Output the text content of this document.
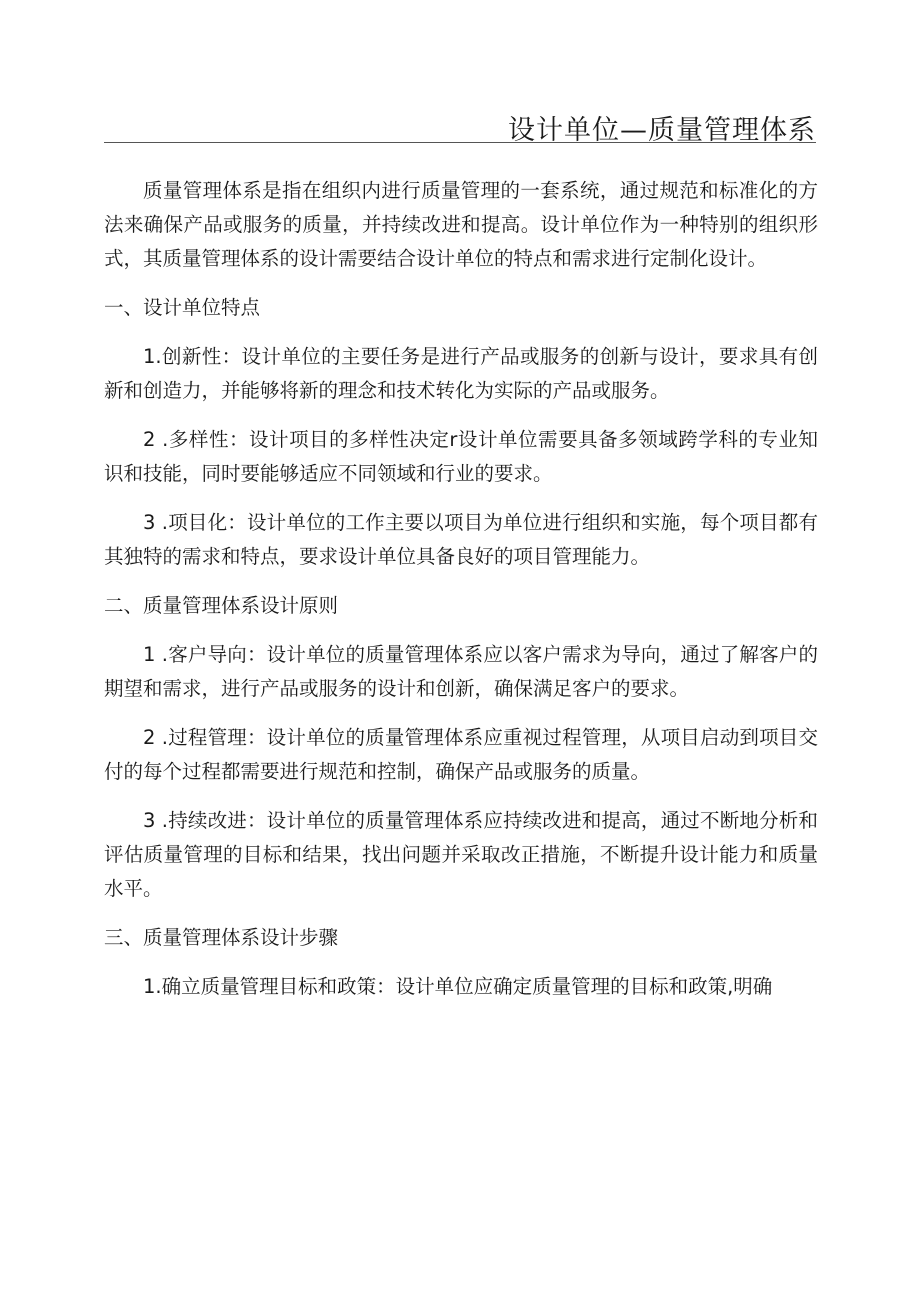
设计单位—质量管理体系

质量管理体系是指在组织内进行质量管理的一套系统，通过规范和标准化的方法来确保产品或服务的质量，并持续改进和提高。设计单位作为一种特别的组织形式，其质量管理体系的设计需要结合设计单位的特点和需求进行定制化设计。

一、设计单位特点

1.创新性：设计单位的主要任务是进行产品或服务的创新与设计，要求具有创新和创造力，并能够将新的理念和技术转化为实际的产品或服务。

2 .多样性：设计项目的多样性决定r设计单位需要具备多领域跨学科的专业知识和技能，同时要能够适应不同领域和行业的要求。

3 .项目化：设计单位的工作主要以项目为单位进行组织和实施，每个项目都有其独特的需求和特点，要求设计单位具备良好的项目管理能力。

二、质量管理体系设计原则

1 .客户导向：设计单位的质量管理体系应以客户需求为导向，通过了解客户的期望和需求，进行产品或服务的设计和创新，确保满足客户的要求。

2 .过程管理：设计单位的质量管理体系应重视过程管理，从项目启动到项目交付的每个过程都需要进行规范和控制，确保产品或服务的质量。

3 .持续改进：设计单位的质量管理体系应持续改进和提高，通过不断地分析和评估质量管理的目标和结果，找出问题并采取改正措施，不断提升设计能力和质量水平。

三、质量管理体系设计步骤

1.确立质量管理目标和政策：设计单位应确定质量管理的目标和政策,明确
